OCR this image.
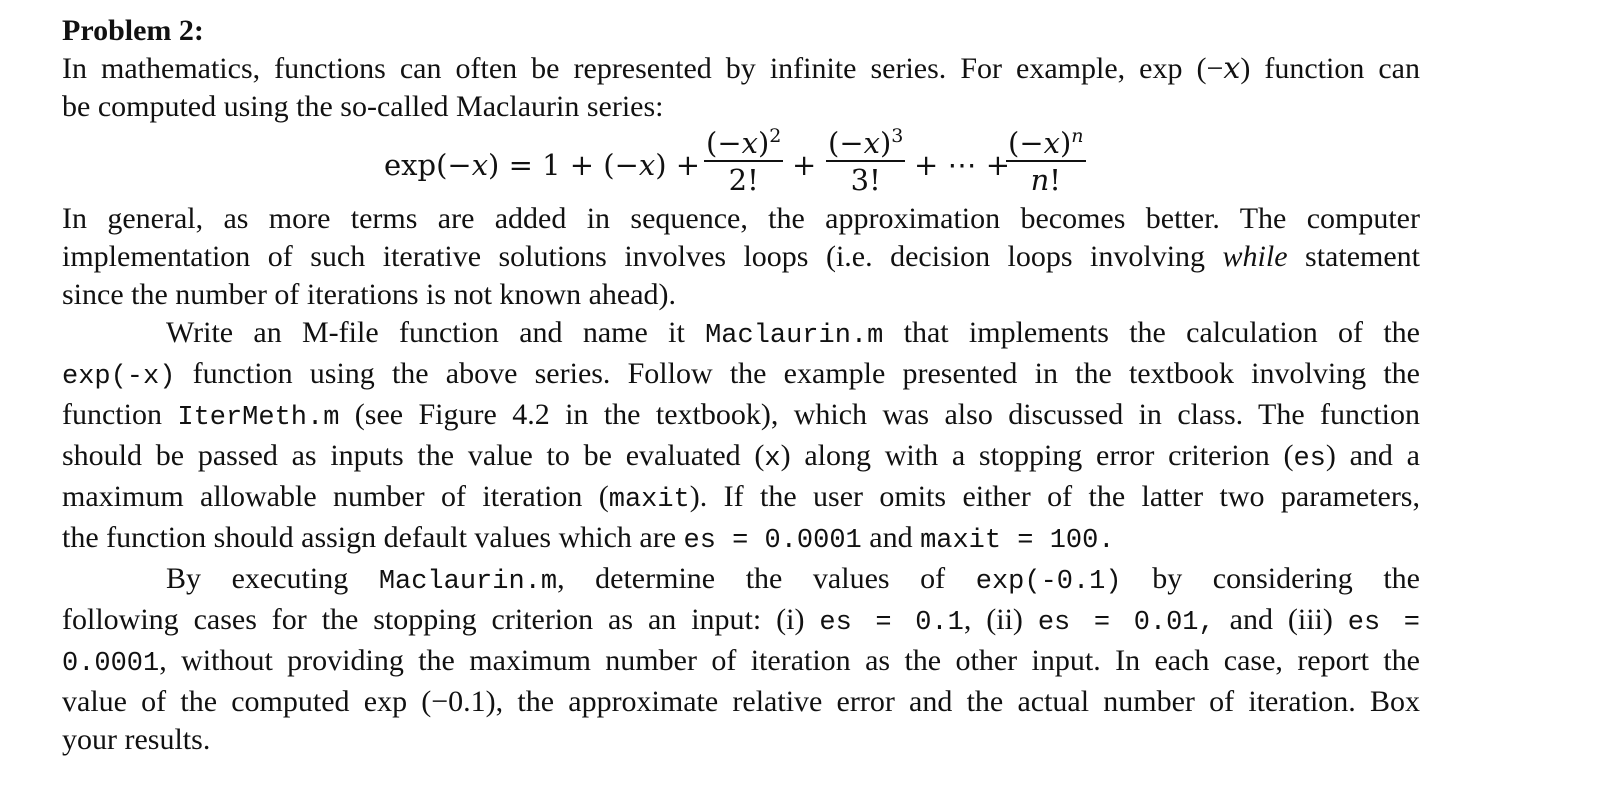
Problem 2:
In mathematics, functions can often be represented by infinite series. For example, exp (−𝑥) function can
be computed using the so-called Maclaurin series:
exp(−𝑥) = 1 + (−𝑥) +
(−𝑥)$^2$
2!	+
(−𝑥)$^3$
3!	+ ⋯ +
(−𝑥)$^𝑛$
𝑛!
In general, as more terms are added in sequence, the approximation becomes better. The computer
implementation of such iterative solutions involves loops (i.e. decision loops involving while statement
since the number of iterations is not known ahead).
Write an M-file function and name it Maclaurin.m that implements the calculation of the
exp(-x) function using the above series. Follow the example presented in the textbook involving the
function IterMeth.m (see Figure 4.2 in the textbook), which was also discussed in class. The function
should be passed as inputs the value to be evaluated (x) along with a stopping error criterion (es) and a
maximum allowable number of iteration (maxit). If the user omits either of the latter two parameters,
the function should assign default values which are es = 0.0001 and maxit = 100.
By executing Maclaurin.m, determine the values of exp(-0.1) by considering the
following cases for the stopping criterion as an input: (i) es = 0.1, (ii) es = 0.01, and (iii) es =
0.0001, without providing the maximum number of iteration as the other input. In each case, report the
value of the computed exp (−0.1), the approximate relative error and the actual number of iteration. Box
your results.
